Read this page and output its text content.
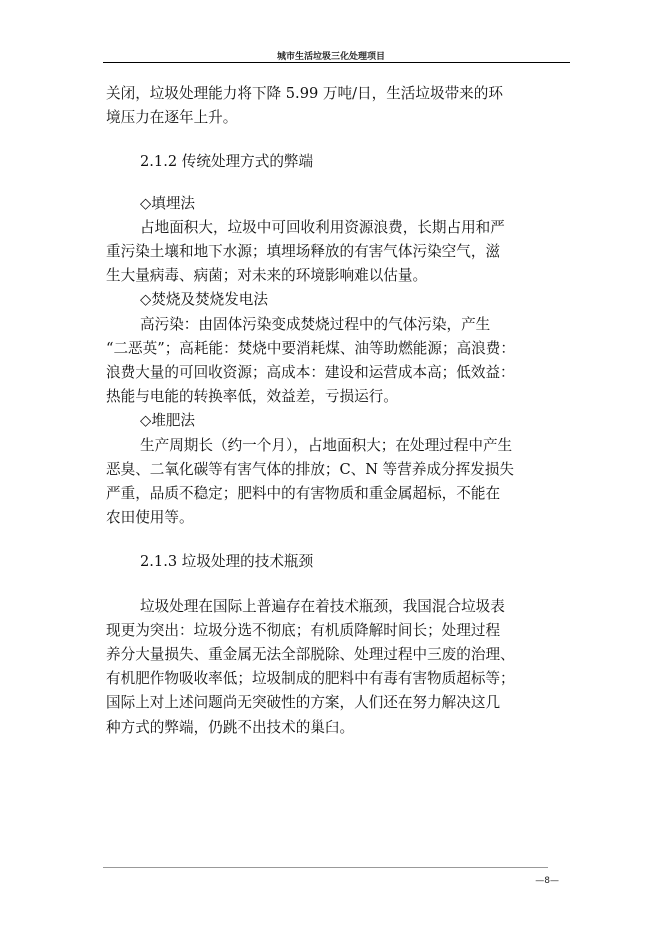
城市生活垃圾三化处理项目

关闭，垃圾处理能力将下降 5.99 万吨/日，生活垃圾带来的环

境压力在逐年上升。

2.1.2 传统处理方式的弊端

◇填埋法

占地面积大，垃圾中可回收利用资源浪费，长期占用和严

重污染土壤和地下水源；填埋场释放的有害气体污染空气，滋

生大量病毒、病菌；对未来的环境影响难以估量。

◇焚烧及焚烧发电法

高污染：由固体污染变成焚烧过程中的气体污染，产生

“二恶英”；高耗能：焚烧中要消耗煤、油等助燃能源；高浪费：

浪费大量的可回收资源；高成本：建设和运营成本高；低效益：

热能与电能的转换率低，效益差，亏损运行。

◇堆肥法

生产周期长（约一个月），占地面积大；在处理过程中产生

恶臭、二氧化碳等有害气体的排放；C、N 等营养成分挥发损失

严重，品质不稳定；肥料中的有害物质和重金属超标，不能在

农田使用等。

2.1.3 垃圾处理的技术瓶颈

垃圾处理在国际上普遍存在着技术瓶颈，我国混合垃圾表

现更为突出：垃圾分选不彻底；有机质降解时间长；处理过程

养分大量损失、重金属无法全部脱除、处理过程中三废的治理、

有机肥作物吸收率低；垃圾制成的肥料中有毒有害物质超标等；

国际上对上述问题尚无突破性的方案，人们还在努力解决这几

种方式的弊端，仍跳不出技术的巢臼。

—8—
